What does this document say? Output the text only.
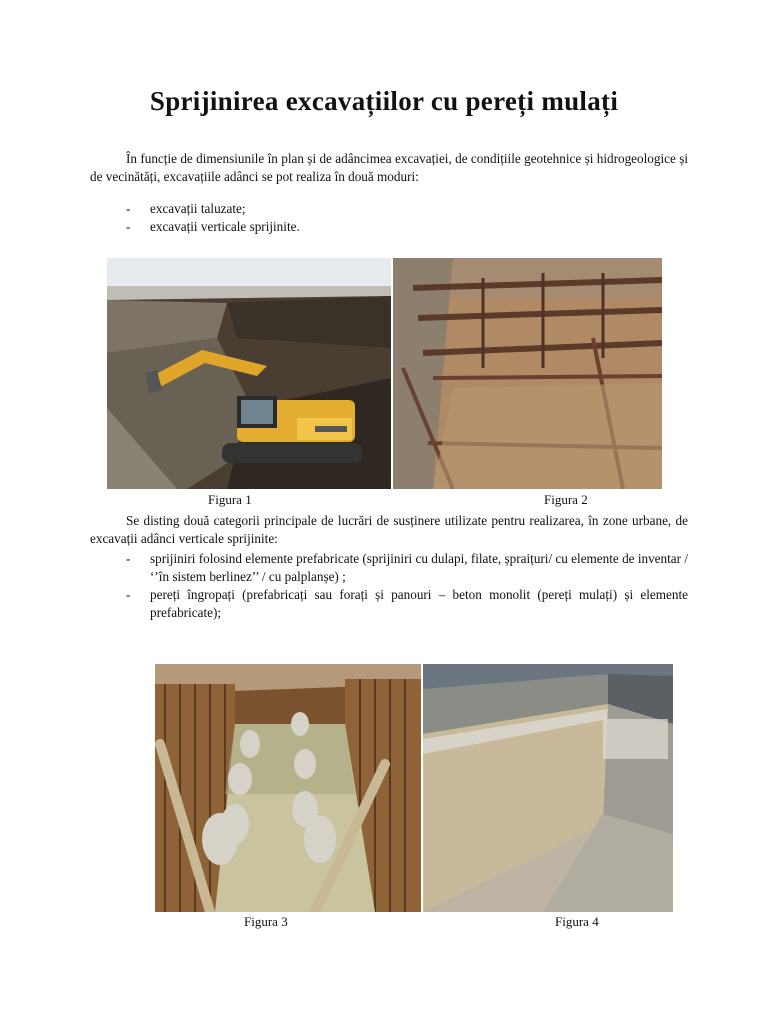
Sprijinirea excavațiilor cu pereți mulați

În funcție de dimensiunile în plan și de adâncimea excavației, de condițiile geotehnice și hidrogeologice și de vecinătăți, excavațiile adânci se pot realiza în două moduri:

- excavații taluzate;
- excavații verticale sprijinite.
Figura 1	Figura 2

Se disting două categorii principale de lucrări de susținere utilizate pentru realizarea, în zone urbane, de excavații adânci verticale sprijinite:

- sprijiniri folosind elemente prefabricate (sprijiniri cu dulapi, filate, șpraițuri/ cu elemente de inventar / ‘’în sistem berlinez’’ / cu palplanșe) ;
- pereți îngropați (prefabricați sau forați și panouri – beton monolit (pereți mulați) și elemente prefabricate);
Figura 3	Figura 4
